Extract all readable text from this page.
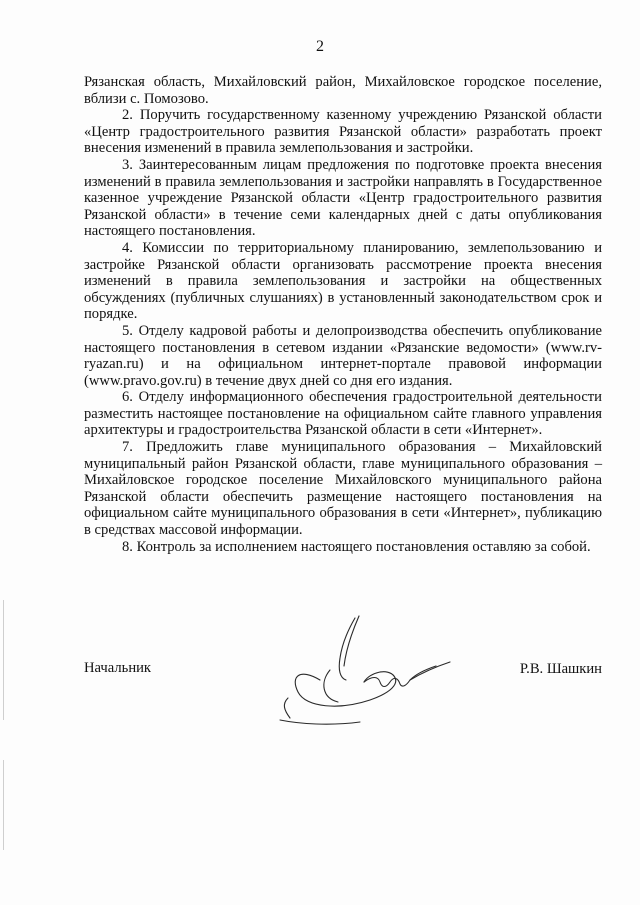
2

Рязанская область, Михайловский район, Михайловское городское поселение, вблизи с. Помозово.

2. Поручить государственному казенному учреждению Рязанской области «Центр градостроительного развития Рязанской области» разработать проект внесения изменений в правила землепользования и застройки.

3. Заинтересованным лицам предложения по подготовке проекта внесения изменений в правила землепользования и застройки направлять в Государственное казенное учреждение Рязанской области «Центр градостроительного развития Рязанской области» в течение семи календарных дней с даты опубликования настоящего постановления.

4. Комиссии по территориальному планированию, землепользованию и застройке Рязанской области организовать рассмотрение проекта внесения изменений в правила землепользования и застройки на общественных обсуждениях (публичных слушаниях) в установленный законодательством срок и порядке.

5. Отделу кадровой работы и делопроизводства обеспечить опубликование настоящего постановления в сетевом издании «Рязанские ведомости» (www.rv-ryazan.ru) и на официальном интернет-портале правовой информации (www.pravo.gov.ru) в течение двух дней со дня его издания.

6. Отделу информационного обеспечения градостроительной деятельности разместить настоящее постановление на официальном сайте главного управления архитектуры и градостроительства Рязанской области в сети «Интернет».

7. Предложить главе муниципального образования – Михайловский муниципальный район Рязанской области, главе муниципального образования – Михайловское городское поселение Михайловского муниципального района Рязанской области обеспечить размещение настоящего постановления на официальном сайте муниципального образования в сети «Интернет», публикацию в средствах массовой информации.

8. Контроль за исполнением настоящего постановления оставляю за собой.

Начальник	Р.В. Шашкин
